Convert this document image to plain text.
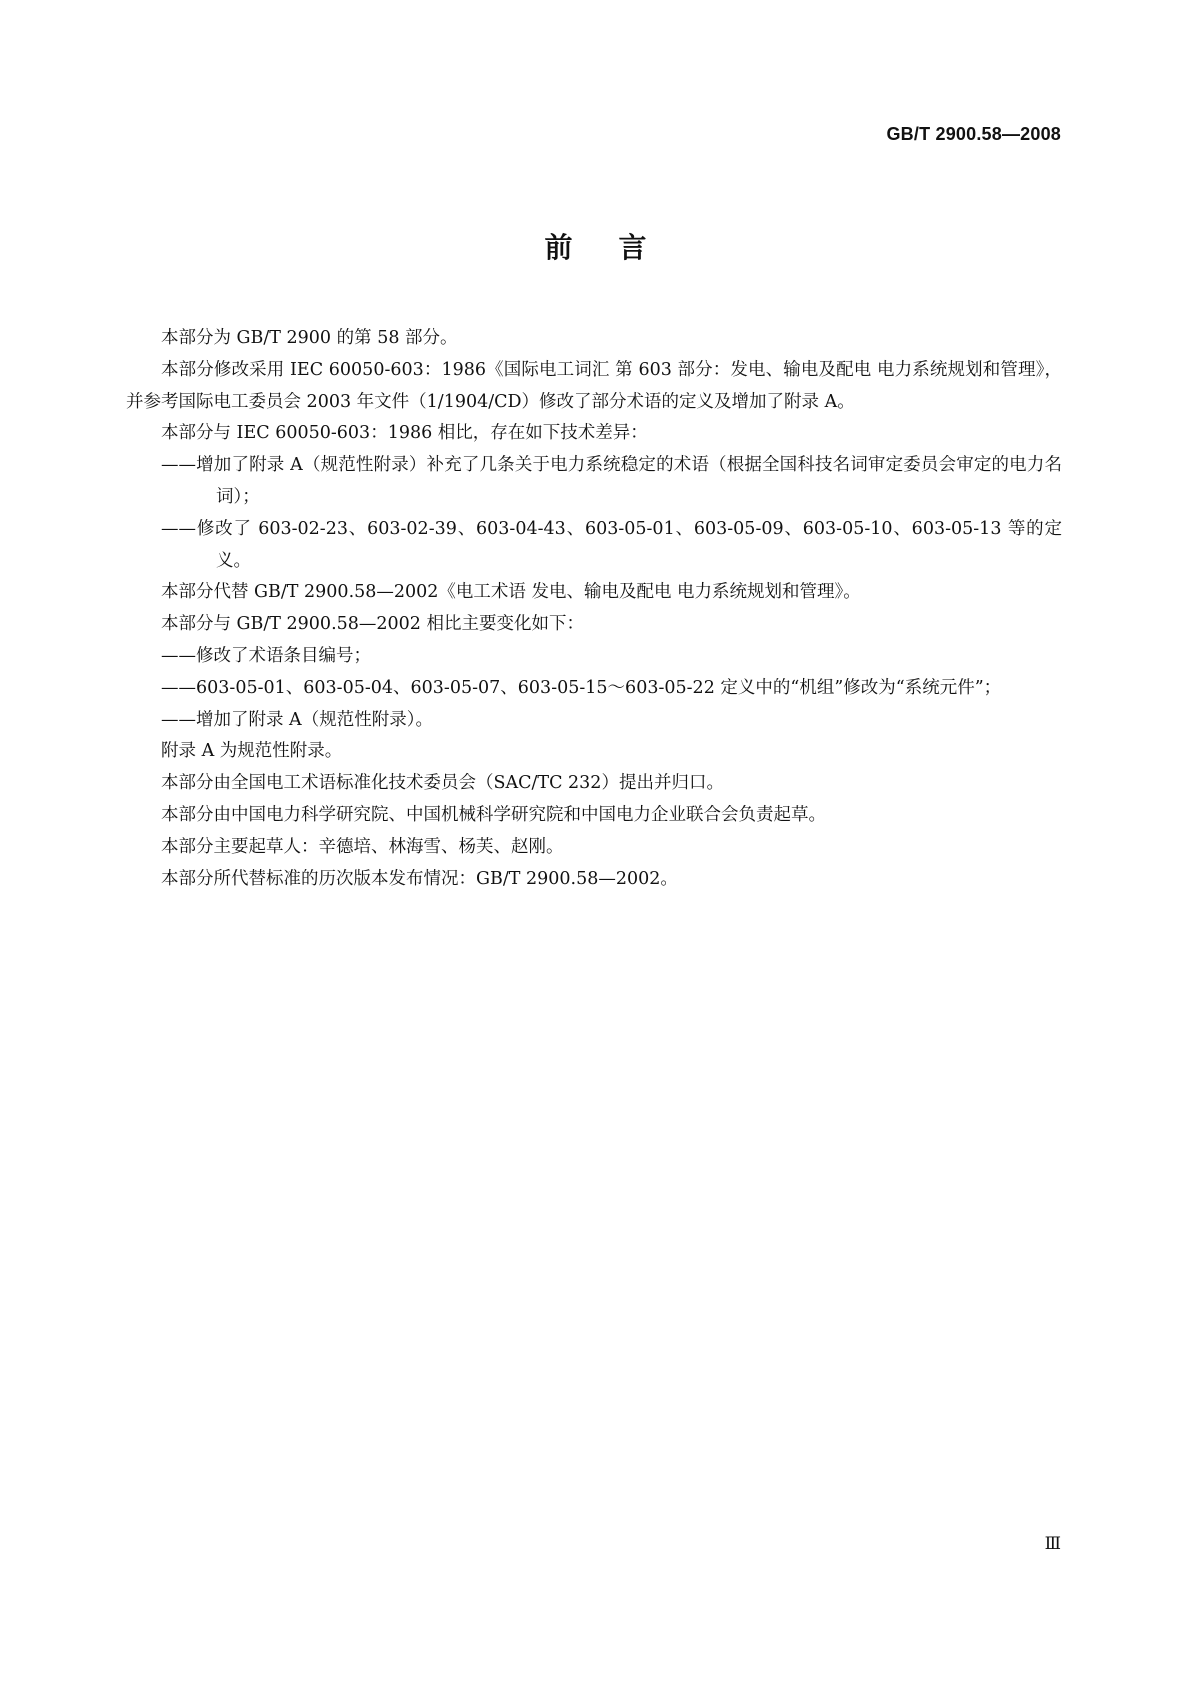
GB/T 2900.58—2008
前 言

本部分为 GB/T 2900 的第 58 部分。

本部分修改采用 IEC 60050-603：1986《国际电工词汇 第 603 部分：发电、输电及配电 电力系统规划和管理》，并参考国际电工委员会 2003 年文件（1/1904/CD）修改了部分术语的定义及增加了附录 A。

本部分与 IEC 60050-603：1986 相比，存在如下技术差异：

——增加了附录 A（规范性附录）补充了几条关于电力系统稳定的术语（根据全国科技名词审定委员会审定的电力名词）；

——修改了 603-02-23、603-02-39、603-04-43、603-05-01、603-05-09、603-05-10、603-05-13 等的定义。

本部分代替 GB/T 2900.58—2002《电工术语 发电、输电及配电 电力系统规划和管理》。

本部分与 GB/T 2900.58—2002 相比主要变化如下：

——修改了术语条目编号；

——603-05-01、603-05-04、603-05-07、603-05-15～603-05-22 定义中的“机组”修改为“系统元件”；

——增加了附录 A（规范性附录）。

附录 A 为规范性附录。

本部分由全国电工术语标准化技术委员会（SAC/TC 232）提出并归口。

本部分由中国电力科学研究院、中国机械科学研究院和中国电力企业联合会负责起草。

本部分主要起草人：辛德培、林海雪、杨芙、赵刚。

本部分所代替标准的历次版本发布情况：GB/T 2900.58—2002。

Ⅲ
